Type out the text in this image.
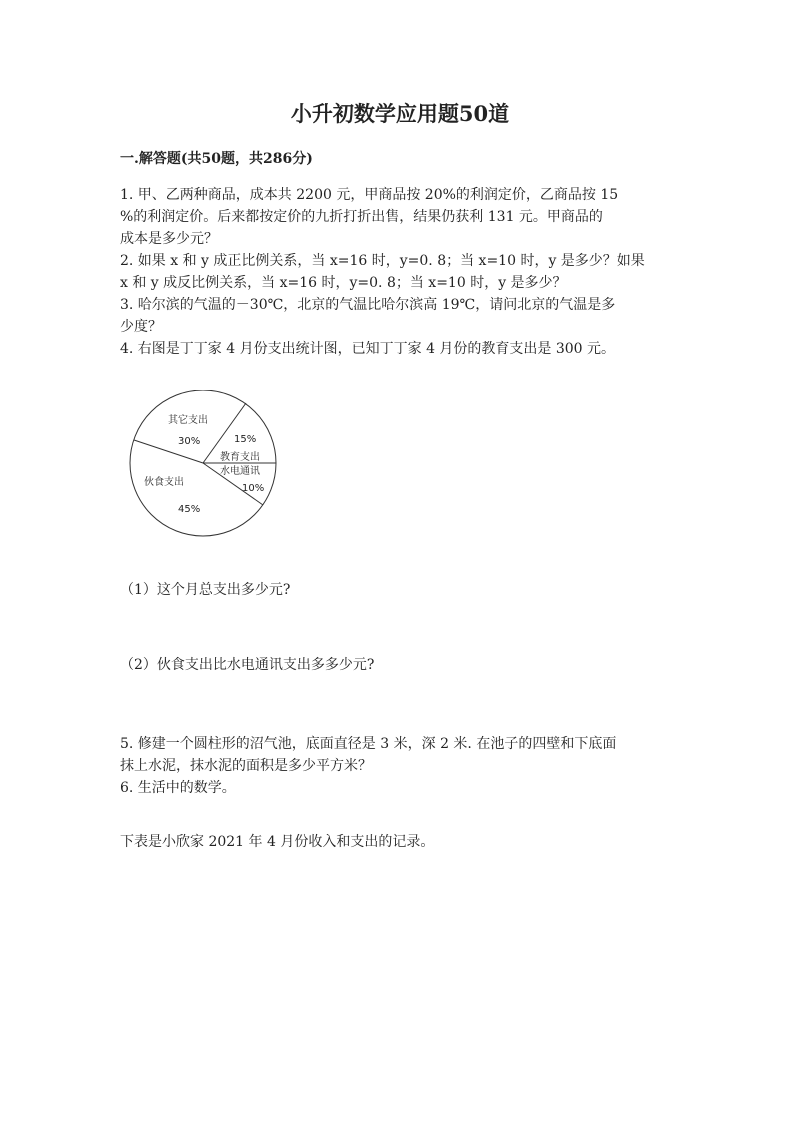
小升初数学应用题50道
一.解答题(共50题，共286分)
1. 甲、乙两种商品，成本共 2200 元，甲商品按 20%的利润定价，乙商品按 15
%的利润定价。后来都按定价的九折打折出售，结果仍获利 131 元。甲商品的
成本是多少元？
2. 如果 x 和 y 成正比例关系，当 x=16 时，y=0. 8；当 x=10 时，y 是多少？如果
x 和 y 成反比例关系，当 x=16 时，y=0. 8；当 x=10 时，y 是多少？
3. 哈尔滨的气温的－30℃，北京的气温比哈尔滨高 19℃，请问北京的气温是多
少度？
4. 右图是丁丁家 4 月份支出统计图，已知丁丁家 4 月份的教育支出是 300 元。
其它支出
30%	15%
教育支出
水电通讯
10%
伙食支出
45%
（1）这个月总支出多少元?
（2）伙食支出比水电通讯支出多多少元?
5. 修建一个圆柱形的沼气池，底面直径是 3 米，深 2 米. 在池子的四壁和下底面
抹上水泥，抹水泥的面积是多少平方米？
6. 生活中的数学。
下表是小欣家 2021 年 4 月份收入和支出的记录。
